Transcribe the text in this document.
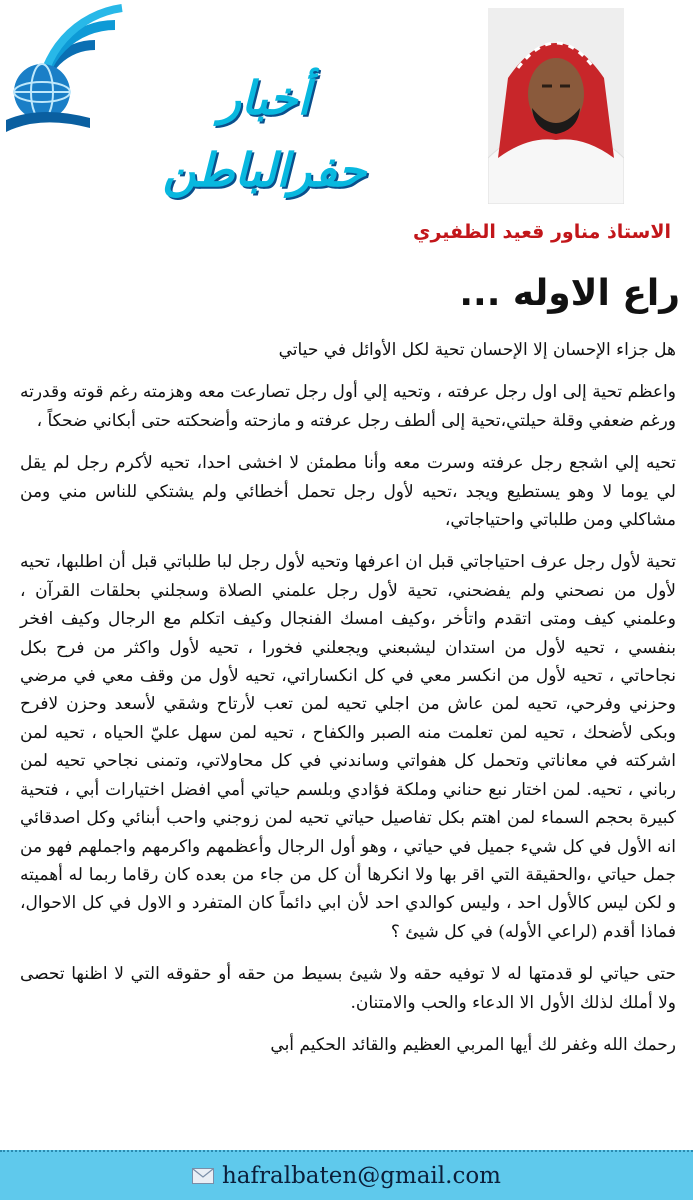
أخبار حفرالباطن
الاستاذ مناور قعيد الظفيري
راع الاوله ...

هل جزاء الإحسان إلا الإحسان تحية لكل الأوائل في حياتي

واعظم تحية إلى اول رجل عرفته ، وتحيه إلي أول رجل تصارعت معه وهزمته رغم قوته وقدرته ورغم ضعفي وقلة حيلتي،تحية إلى ألطف رجل عرفته و مازحته وأضحكته حتى أبكاني ضحكاً ،

تحيه إلي اشجع رجل عرفته وسرت معه وأنا مطمئن لا اخشى احدا، تحيه لأكرم رجل لم يقل لي يوما لا وهو يستطيع ويجد ،تحيه لأول رجل تحمل أخطائي ولم يشتكي للناس مني ومن مشاكلي ومن طلباتي واحتياجاتي،

تحية لأول رجل عرف احتياجاتي قبل ان اعرفها وتحيه لأول رجل لبا طلباتي قبل أن اطلبها، تحيه لأول من نصحني ولم يفضحني، تحية لأول رجل علمني الصلاة وسجلني بحلقات القرآن ، وعلمني كيف ومتى اتقدم واتأخر ،وكيف امسك الفنجال وكيف اتكلم مع الرجال وكيف افخر بنفسي ، تحيه لأول من استدان ليشبعني ويجعلني فخورا ، تحيه لأول واكثر من فرح بكل نجاحاتي ، تحيه لأول من انكسر معي في كل انكساراتي، تحيه لأول من وقف معي في مرضي وحزني وفرحي، تحيه لمن عاش من اجلي تحيه لمن تعب لأرتاح وشقي لأسعد وحزن لافرح وبكى لأضحك ، تحيه لمن تعلمت منه الصبر والكفاح ، تحيه لمن سهل عليّ الحياه ، تحيه لمن اشركته في معاناتي وتحمل كل هفواتي وساندني في كل محاولاتي، وتمنى نجاحي تحيه لمن رباني ، تحيه. لمن اختار نبع حناني وملكة فؤادي وبلسم حياتي أمي افضل اختيارات أبي ، فتحية كبيرة بحجم السماء لمن اهتم بكل تفاصيل حياتي تحيه لمن زوجني واحب أبنائي وكل اصدقائي انه الأول في كل شيء جميل في حياتي ، وهو أول الرجال وأعظمهم واكرمهم واجملهم فهو من جمل حياتي ،والحقيقة التي اقر بها ولا انكرها أن كل من جاء من بعده كان رقاما ربما له أهميته و لكن ليس كالأول احد ، وليس كوالدي احد لأن ابي دائماً كان المتفرد و الاول في كل الاحوال، فماذا أقدم (لراعي الأوله) في كل شيئ ؟

حتى حياتي لو قدمتها له لا توفيه حقه ولا شيئ بسيط من حقه أو حقوقه التي لا اظنها تحصى ولا أملك لذلك الأول الا الدعاء والحب والامتنان.

رحمك الله وغفر لك أيها المربي العظيم والقائد الحكيم أبي

hafralbaten@gmail.com
